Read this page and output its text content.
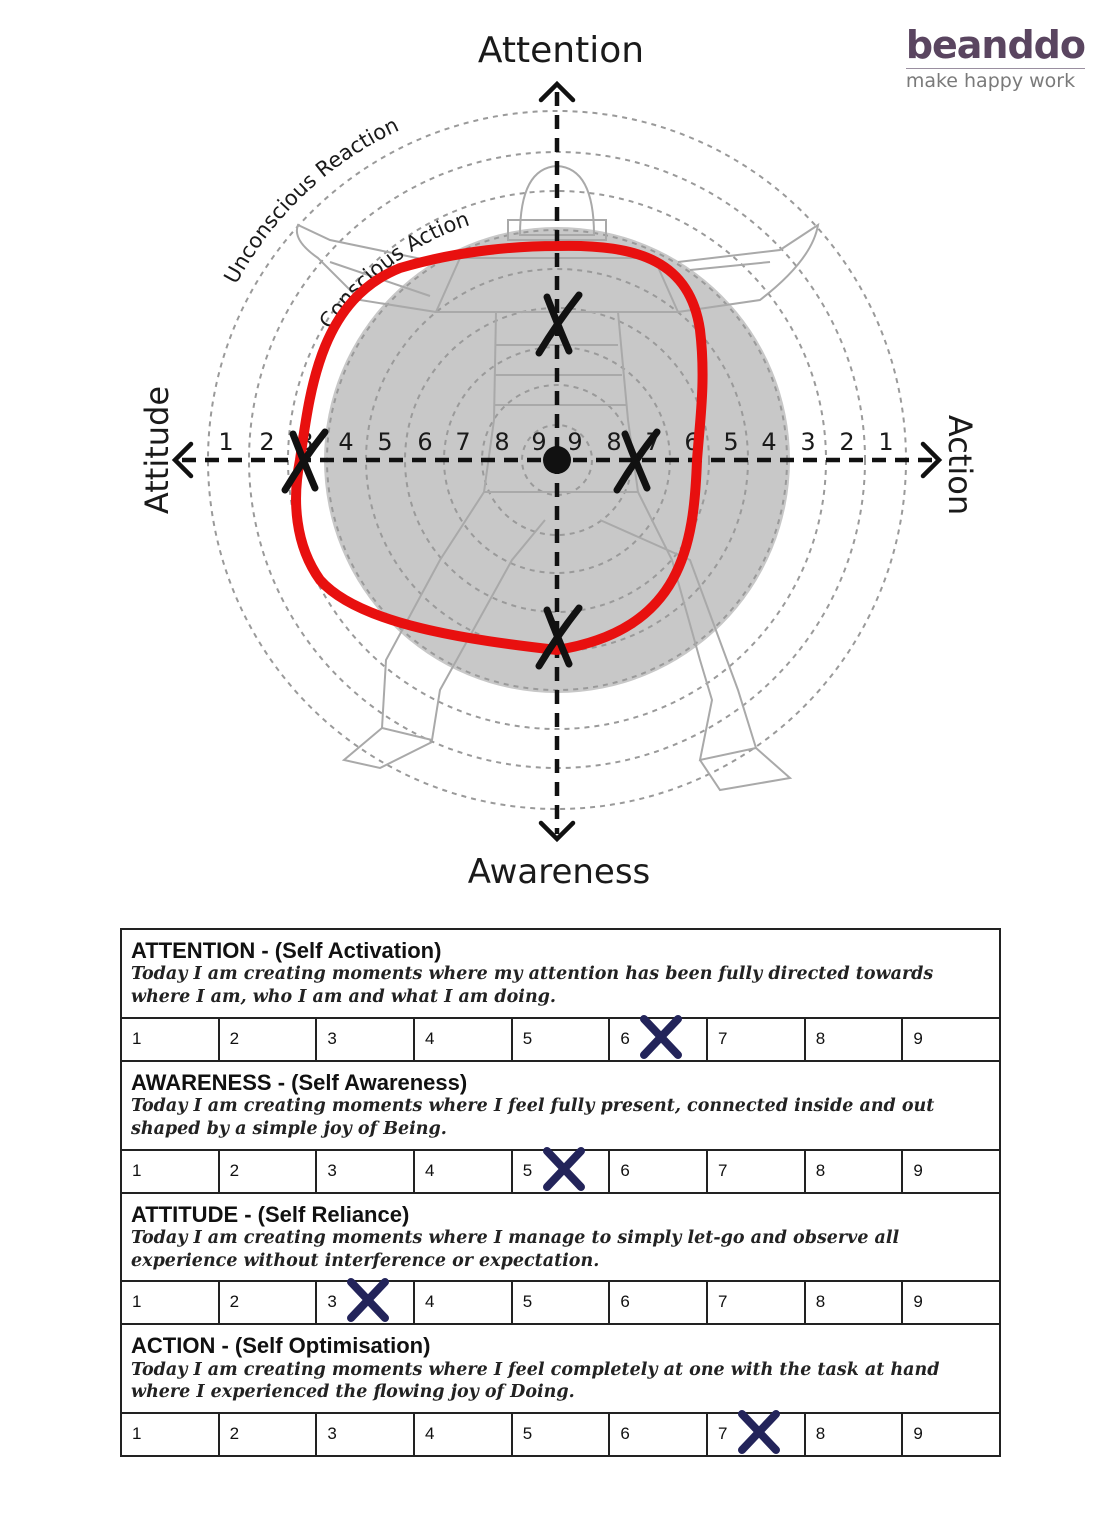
Unconscious Reaction
Conscious Action
Attention
Awareness
Attitude	Action
1 2 3 4 5 6 7 8 9 9 8 7 6 5 4 3 2 1
beanddo
make happy work
ATTENTION - (Self Activation)
Today I am creating moments where my attention has been fully directed towards where I am, who I am and what I am doing.
1	2	3	4	5	6	7	8	9
AWARENESS - (Self Awareness)
Today I am creating moments where I feel fully present, connected inside and out shaped by a simple joy of Being.
1	2	3	4	5	6	7	8	9
ATTITUDE - (Self Reliance)
Today I am creating moments where I manage to simply let-go and observe all experience without interference or expectation.
1	2	3	4	5	6	7	8	9
ACTION - (Self Optimisation)
Today I am creating moments where I feel completely at one with the task at hand where I experienced the flowing joy of Doing.
1	2	3	4	5	6	7	8	9
